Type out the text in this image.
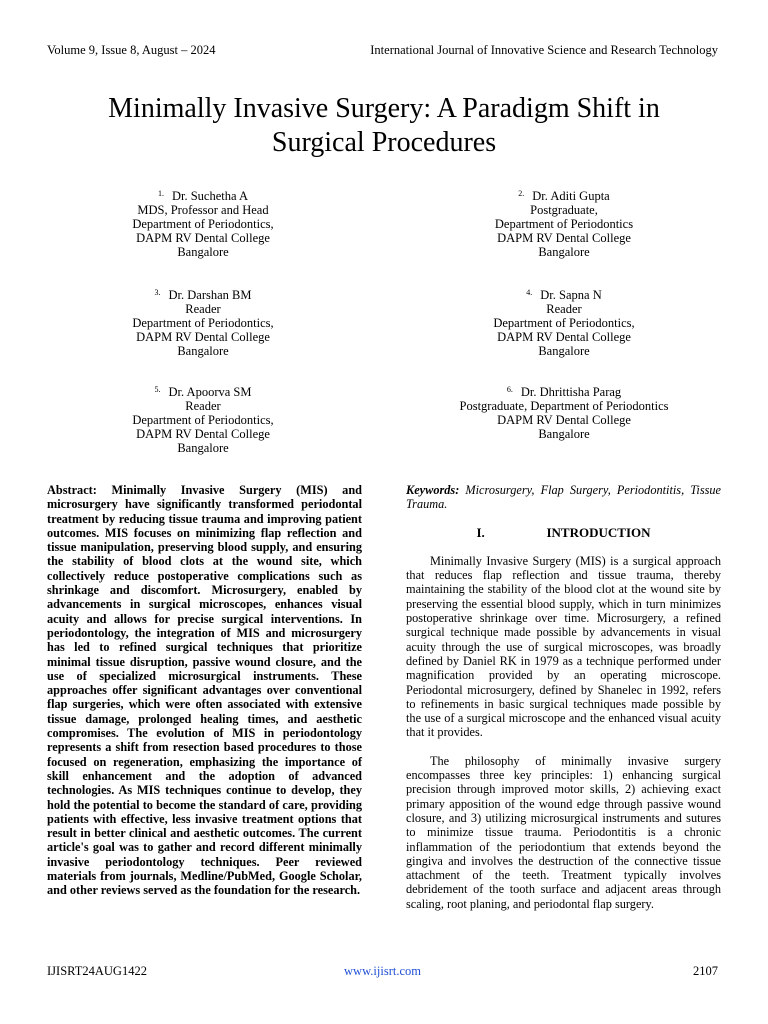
Volume 9, Issue 8, August – 2024	International Journal of Innovative Science and Research Technology
Minimally Invasive Surgery: A Paradigm Shift in
Surgical Procedures
$^{1.}$ Dr. Suchetha A
MDS, Professor and Head
Department of Periodontics,
DAPM RV Dental College
Bangalore
$^{2.}$ Dr. Aditi Gupta
Postgraduate,
Department of Periodontics
DAPM RV Dental College
Bangalore
$^{3.}$ Dr. Darshan BM
Reader
Department of Periodontics,
DAPM RV Dental College
Bangalore
$^{4.}$ Dr. Sapna N
Reader
Department of Periodontics,
DAPM RV Dental College
Bangalore
$^{5.}$ Dr. Apoorva SM
Reader
Department of Periodontics,
DAPM RV Dental College
Bangalore
$^{6.}$ Dr. Dhrittisha Parag
Postgraduate, Department of Periodontics
DAPM RV Dental College
Bangalore
Abstract: Minimally Invasive Surgery (MIS) and microsurgery have significantly transformed periodontal treatment by reducing tissue trauma and improving patient outcomes. MIS focuses on minimizing flap reflection and tissue manipulation, preserving blood supply, and ensuring the stability of blood clots at the wound site, which collectively reduce postoperative complications such as shrinkage and discomfort. Microsurgery, enabled by advancements in surgical microscopes, enhances visual acuity and allows for precise surgical interventions. In periodontology, the integration of MIS and microsurgery has led to refined surgical techniques that prioritize minimal tissue disruption, passive wound closure, and the use of specialized microsurgical instruments. These approaches offer significant advantages over conventional flap surgeries, which were often associated with extensive tissue damage, prolonged healing times, and aesthetic compromises. The evolution of MIS in periodontology represents a shift from resection based procedures to those focused on regeneration, emphasizing the importance of skill enhancement and the adoption of advanced technologies. As MIS techniques continue to develop, they hold the potential to become the standard of care, providing patients with effective, less invasive treatment options that result in better clinical and aesthetic outcomes. The current article's goal was to gather and record different minimally invasive periodontology techniques. Peer reviewed materials from journals, Medline/PubMed, Google Scholar, and other reviews served as the foundation for the research.
Keywords: Microsurgery, Flap Surgery, Periodontitis, Tissue Trauma.
I.	INTRODUCTION

Minimally Invasive Surgery (MIS) is a surgical approach that reduces flap reflection and tissue trauma, thereby maintaining the stability of the blood clot at the wound site by preserving the essential blood supply, which in turn minimizes postoperative shrinkage over time. Microsurgery, a refined surgical technique made possible by advancements in visual acuity through the use of surgical microscopes, was broadly defined by Daniel RK in 1979 as a technique performed under magnification provided by an operating microscope. Periodontal microsurgery, defined by Shanelec in 1992, refers to refinements in basic surgical techniques made possible by the use of a surgical microscope and the enhanced visual acuity that it provides.

The philosophy of minimally invasive surgery encompasses three key principles: 1) enhancing surgical precision through improved motor skills, 2) achieving exact primary apposition of the wound edge through passive wound closure, and 3) utilizing microsurgical instruments and sutures to minimize tissue trauma. Periodontitis is a chronic inflammation of the periodontium that extends beyond the gingiva and involves the destruction of the connective tissue attachment of the teeth. Treatment typically involves debridement of the tooth surface and adjacent areas through scaling, root planing, and periodontal flap surgery.

IJISRT24AUG1422	www.ijisrt.com	2107
